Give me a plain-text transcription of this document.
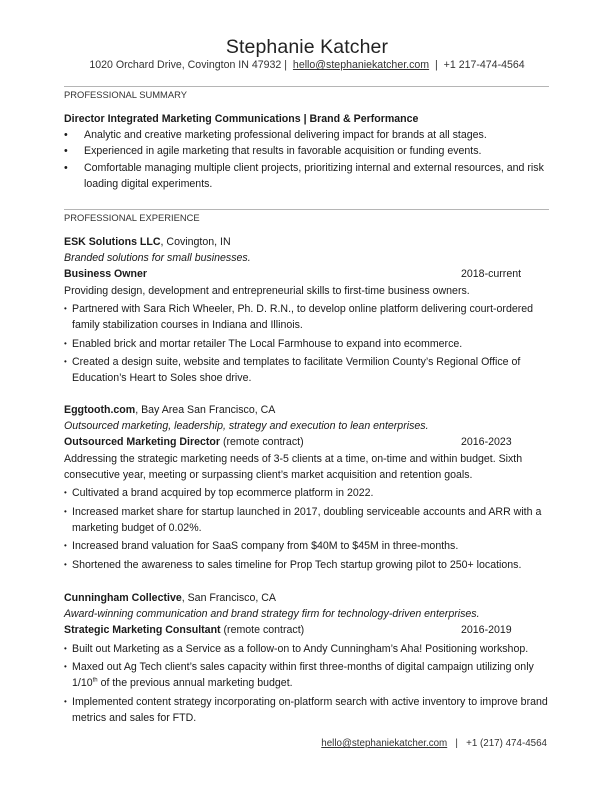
Stephanie Katcher
1020 Orchard Drive, Covington IN 47932 | hello@stephaniekatcher.com | +1 217-474-4564
PROFESSIONAL SUMMARY
Director Integrated Marketing Communications | Brand & Performance
• Analytic and creative marketing professional delivering impact for brands at all stages.
• Experienced in agile marketing that results in favorable acquisition or funding events.
• Comfortable managing multiple client projects, prioritizing internal and external resources, and risk loading digital experiments.
PROFESSIONAL EXPERIENCE
ESK Solutions LLC, Covington, IN
Branded solutions for small businesses.
Business Owner	2018-current
Providing design, development and entrepreneurial skills to first-time business owners.
• Partnered with Sara Rich Wheeler, Ph. D. R.N., to develop online platform delivering court-ordered family stabilization courses in Indiana and Illinois.
• Enabled brick and mortar retailer The Local Farmhouse to expand into ecommerce.
• Created a design suite, website and templates to facilitate Vermilion County’s Regional Office of Education’s Heart to Soles shoe drive.
Eggtooth.com, Bay Area San Francisco, CA
Outsourced marketing, leadership, strategy and execution to lean enterprises.
Outsourced Marketing Director (remote contract)	2016-2023
Addressing the strategic marketing needs of 3-5 clients at a time, on-time and within budget. Sixth consecutive year, meeting or surpassing client’s market acquisition and retention goals.
• Cultivated a brand acquired by top ecommerce platform in 2022.
• Increased market share for startup launched in 2017, doubling serviceable accounts and ARR with a marketing budget of 0.02%.
• Increased brand valuation for SaaS company from $40M to $45M in three-months.
• Shortened the awareness to sales timeline for Prop Tech startup growing pilot to 250+ locations.
Cunningham Collective, San Francisco, CA
Award-winning communication and brand strategy firm for technology-driven enterprises.
Strategic Marketing Consultant (remote contract)	2016-2019
• Built out Marketing as a Service as a follow-on to Andy Cunningham’s Aha! Positioning workshop.
• Maxed out Ag Tech client’s sales capacity within first three-months of digital campaign utilizing only 1/10th of the previous annual marketing budget.
• Implemented content strategy incorporating on-platform search with active inventory to improve brand metrics and sales for FTD.
hello@stephaniekatcher.com | +1 (217) 474-4564
